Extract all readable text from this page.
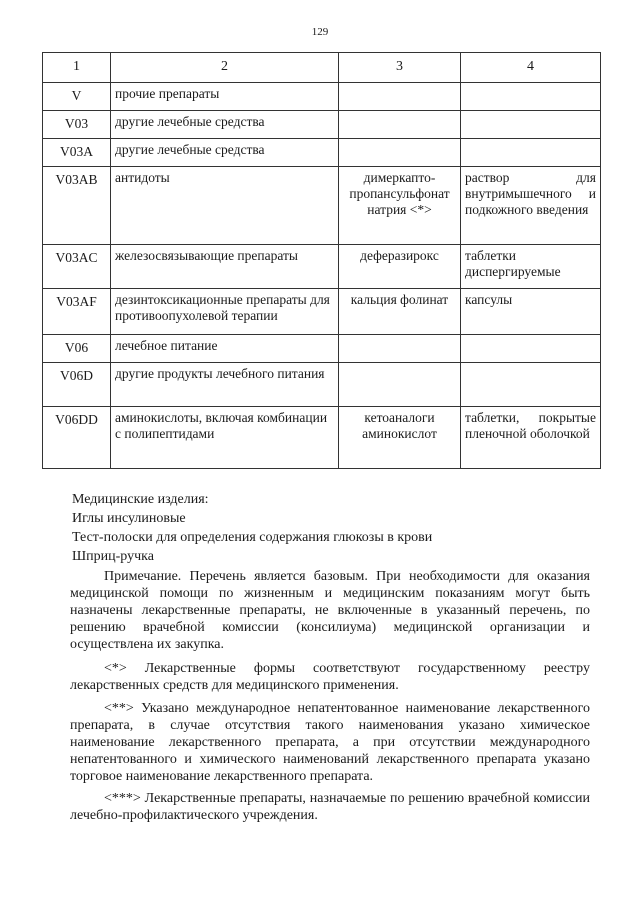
129
1	2	3	4
V	прочие препараты		
V03	другие лечебные средства		
V03A	другие лечебные средства		
V03AB	антидоты	димеркапто-пропансульфонат натрия <*>	раствор для внутримышечного и подкожного введения
V03AC	железосвязывающие препараты	деферазирокс	таблетки диспергируемые
V03AF	дезинтоксикационные препараты для противоопухолевой терапии	кальция фолинат	капсулы
V06	лечебное питание		
V06D	другие продукты лечебного питания		
V06DD	аминокислоты, включая комбинации с полипептидами	кетоаналоги аминокислот	таблетки, покрытые пленочной оболочкой
Медицинские изделия:
Иглы инсулиновые
Тест-полоски для определения содержания глюкозы в крови
Шприц-ручка

Примечание. Перечень является базовым. При необходимости для оказания медицинской помощи по жизненным и медицинским показаниям могут быть назначены лекарственные препараты, не включенные в указанный перечень, по решению врачебной комиссии (консилиума) медицинской организации и осуществлена их закупка.

<*> Лекарственные формы соответствуют государственному реестру лекарственных средств для медицинского применения.

<**> Указано международное непатентованное наименование лекарственного препарата, в случае отсутствия такого наименования указано химическое наименование лекарственного препарата, а при отсутствии международного непатентованного и химического наименований лекарственного препарата указано торговое наименование лекарственного препарата.

<***> Лекарственные препараты, назначаемые по решению врачебной комиссии лечебно-профилактического учреждения.
